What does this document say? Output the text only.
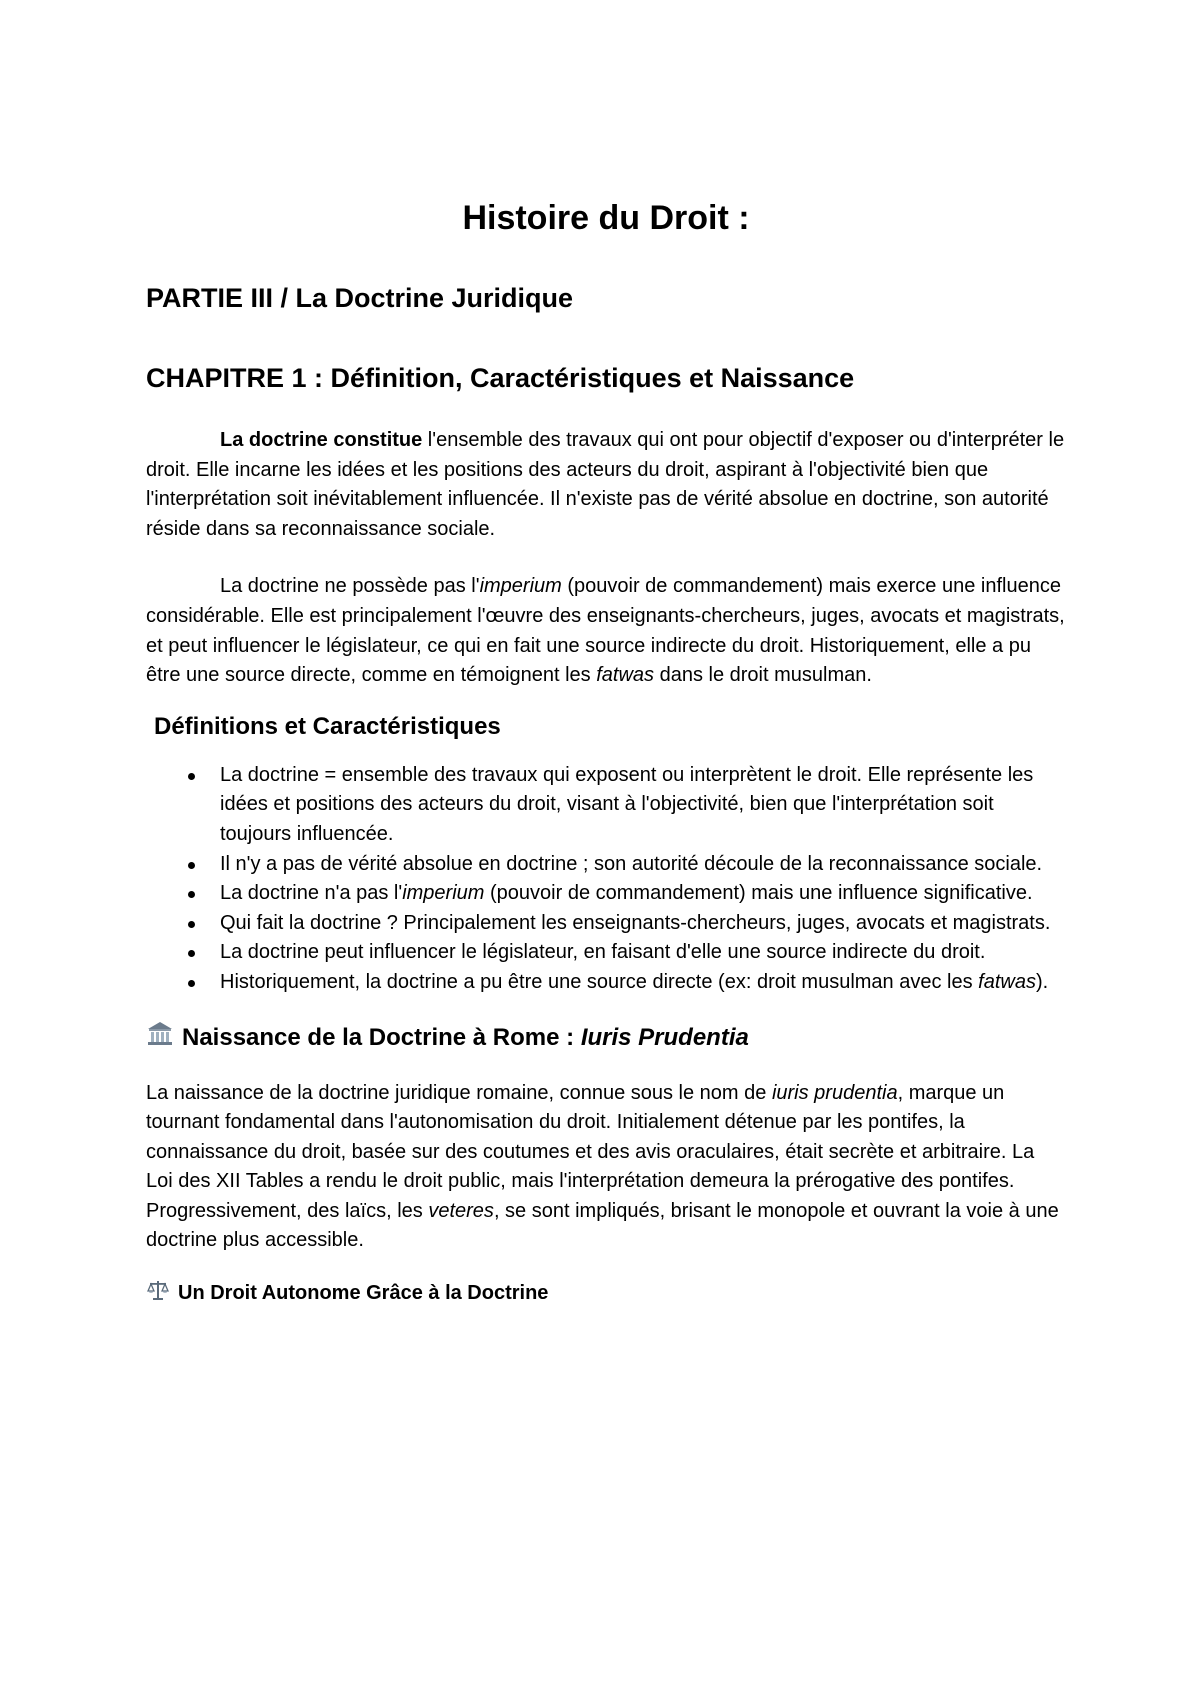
Histoire du Droit :
PARTIE III / La Doctrine Juridique
CHAPITRE 1 : Définition, Caractéristiques et Naissance

La doctrine constitue l'ensemble des travaux qui ont pour objectif d'exposer ou d'interpréter le droit. Elle incarne les idées et les positions des acteurs du droit, aspirant à l'objectivité bien que l'interprétation soit inévitablement influencée. Il n'existe pas de vérité absolue en doctrine, son autorité réside dans sa reconnaissance sociale.

La doctrine ne possède pas l'imperium (pouvoir de commandement) mais exerce une influence considérable. Elle est principalement l'œuvre des enseignants-chercheurs, juges, avocats et magistrats, et peut influencer le législateur, ce qui en fait une source indirecte du droit. Historiquement, elle a pu être une source directe, comme en témoignent les fatwas dans le droit musulman.

Définitions et Caractéristiques
La doctrine = ensemble des travaux qui exposent ou interprètent le droit. Elle représente les idées et positions des acteurs du droit, visant à l'objectivité, bien que l'interprétation soit toujours influencée.
Il n'y a pas de vérité absolue en doctrine ; son autorité découle de la reconnaissance sociale.
La doctrine n'a pas l'imperium (pouvoir de commandement) mais une influence significative.
Qui fait la doctrine ? Principalement les enseignants-chercheurs, juges, avocats et magistrats.
La doctrine peut influencer le législateur, en faisant d'elle une source indirecte du droit.
Historiquement, la doctrine a pu être une source directe (ex: droit musulman avec les fatwas).
Naissance de la Doctrine à Rome : Iuris Prudentia

La naissance de la doctrine juridique romaine, connue sous le nom de iuris prudentia, marque un tournant fondamental dans l'autonomisation du droit. Initialement détenue par les pontifes, la connaissance du droit, basée sur des coutumes et des avis oraculaires, était secrète et arbitraire. La Loi des XII Tables a rendu le droit public, mais l'interprétation demeura la prérogative des pontifes. Progressivement, des laïcs, les veteres, se sont impliqués, brisant le monopole et ouvrant la voie à une doctrine plus accessible.

Un Droit Autonome Grâce à la Doctrine
